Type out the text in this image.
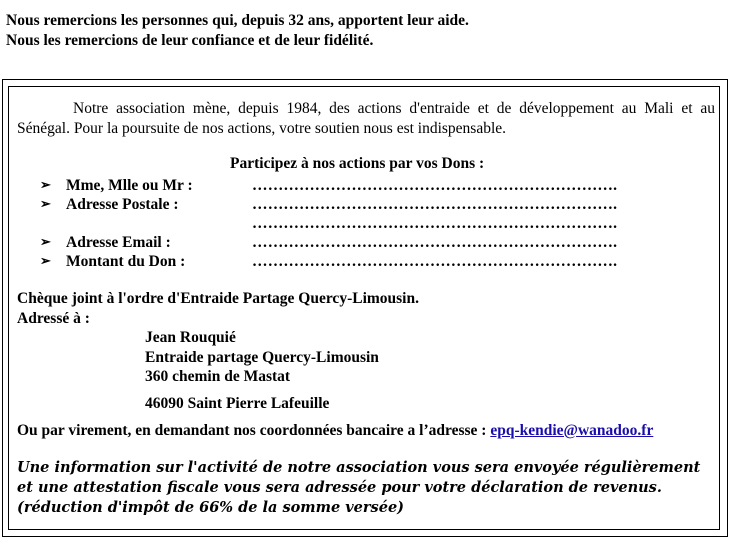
Nous remercions les personnes qui, depuis 32 ans, apportent leur aide.
Nous les remercions de leur confiance et de leur fidélité.
Notre association mène, depuis 1984, des actions d'entraide et de développement au Mali et au Sénégal. Pour la poursuite de nos actions, votre soutien nous est indispensable.
Participez à nos actions par vos Dons :
➢ Mme, Mlle ou Mr :	…………………………………………………………….
➢ Adresse Postale :	…………………………………………………………….
…………………………………………………………….
➢ Adresse Email :	…………………………………………………………….
➢ Montant du Don :	…………………………………………………………….
Chèque joint à l'ordre d'Entraide Partage Quercy-Limousin.
Adressé à :
Jean Rouquié
Entraide partage Quercy-Limousin
360 chemin de Mastat
46090 Saint Pierre Lafeuille
Ou par virement, en demandant nos coordonnées bancaire a l’adresse : epq-kendie@wanadoo.fr
Une information sur l'activité de notre association vous sera envoyée régulièrement et une attestation fiscale vous sera adressée pour votre déclaration de revenus. (réduction d'impôt de 66% de la somme versée)
